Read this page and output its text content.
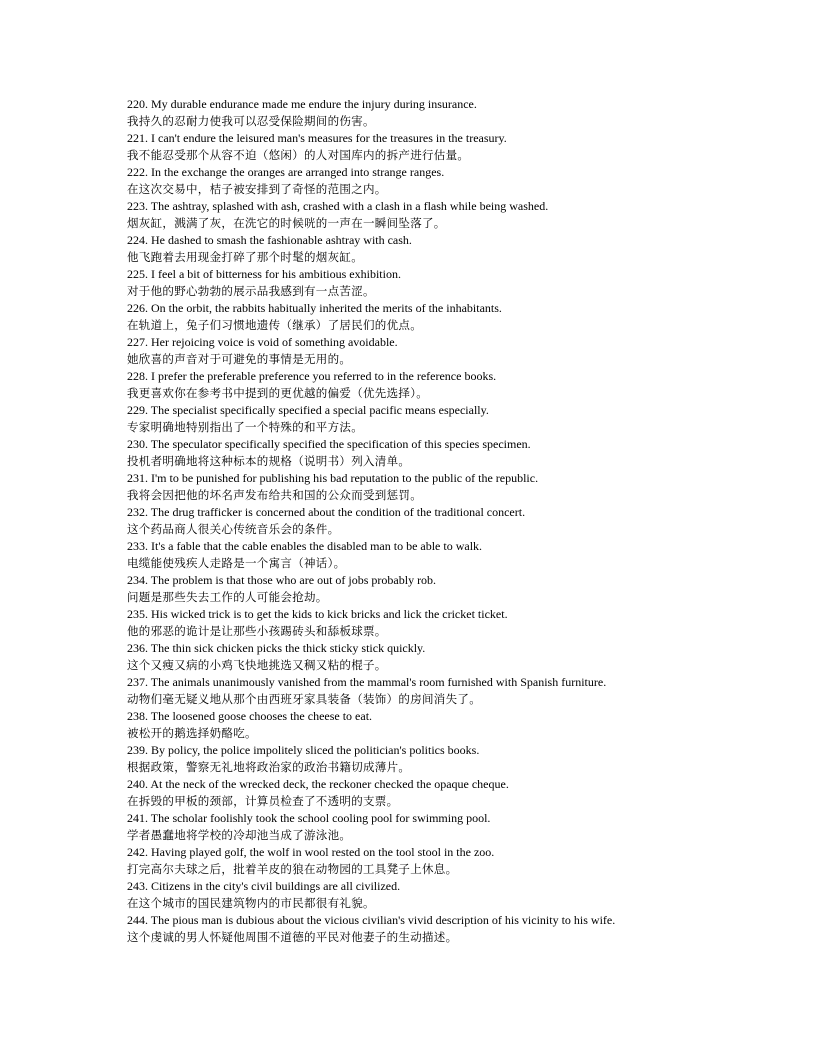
220. My durable endurance made me endure the injury during insurance.
我持久的忍耐力使我可以忍受保险期间的伤害。
221. I can't endure the leisured man's measures for the treasures in the treasury.
我不能忍受那个从容不迫（悠闲）的人对国库内的拆产进行估量。
222. In the exchange the oranges are arranged into strange ranges.
在这次交易中，桔子被安排到了奇怪的范围之内。
223. The ashtray, splashed with ash, crashed with a clash in a flash while being washed.
烟灰缸，溅满了灰，在洗它的时候咣的一声在一瞬间坠落了。
224. He dashed to smash the fashionable ashtray with cash.
他飞跑着去用现金打碎了那个时髦的烟灰缸。
225. I feel a bit of bitterness for his ambitious exhibition.
对于他的野心勃勃的展示品我感到有一点苦涩。
226. On the orbit, the rabbits habitually inherited the merits of the inhabitants.
在轨道上，兔子们习惯地遗传（继承）了居民们的优点。
227. Her rejoicing voice is void of something avoidable.
她欣喜的声音对于可避免的事情是无用的。
228. I prefer the preferable preference you referred to in the reference books.
我更喜欢你在参考书中提到的更优越的偏爱（优先选择）。
229. The specialist specifically specified a special pacific means especially.
专家明确地特别指出了一个特殊的和平方法。
230. The speculator specifically specified the specification of this species specimen.
投机者明确地将这种标本的规格（说明书）列入清单。
231. I'm to be punished for publishing his bad reputation to the public of the republic.
我将会因把他的坏名声发布给共和国的公众而受到惩罚。
232. The drug trafficker is concerned about the condition of the traditional concert.
这个药品商人很关心传统音乐会的条件。
233. It's a fable that the cable enables the disabled man to be able to walk.
电缆能使残疾人走路是一个寓言（神话）。
234. The problem is that those who are out of jobs probably rob.
问题是那些失去工作的人可能会抢劫。
235. His wicked trick is to get the kids to kick bricks and lick the cricket ticket.
他的邪恶的诡计是让那些小孩踢砖头和舔板球票。
236. The thin sick chicken picks the thick sticky stick quickly.
这个又瘦又病的小鸡飞快地挑选又稠又粘的棍子。
237. The animals unanimously vanished from the mammal's room furnished with Spanish furniture.
动物们毫无疑义地从那个由西班牙家具装备（装饰）的房间消失了。
238. The loosened goose chooses the cheese to eat.
被松开的鹅选择奶酪吃。
239. By policy, the police impolitely sliced the politician's politics books.
根据政策，警察无礼地将政治家的政治书籍切成薄片。
240. At the neck of the wrecked deck, the reckoner checked the opaque cheque.
在拆毁的甲板的颈部，计算员检查了不透明的支票。
241. The scholar foolishly took the school cooling pool for swimming pool.
学者愚蠢地将学校的冷却池当成了游泳池。
242. Having played golf, the wolf in wool rested on the tool stool in the zoo.
打完高尔夫球之后，批着羊皮的狼在动物园的工具凳子上休息。
243. Citizens in the city's civil buildings are all civilized.
在这个城市的国民建筑物内的市民都很有礼貌。
244. The pious man is dubious about the vicious civilian's vivid description of his vicinity to his wife.
这个虔诚的男人怀疑他周围不道德的平民对他妻子的生动描述。
